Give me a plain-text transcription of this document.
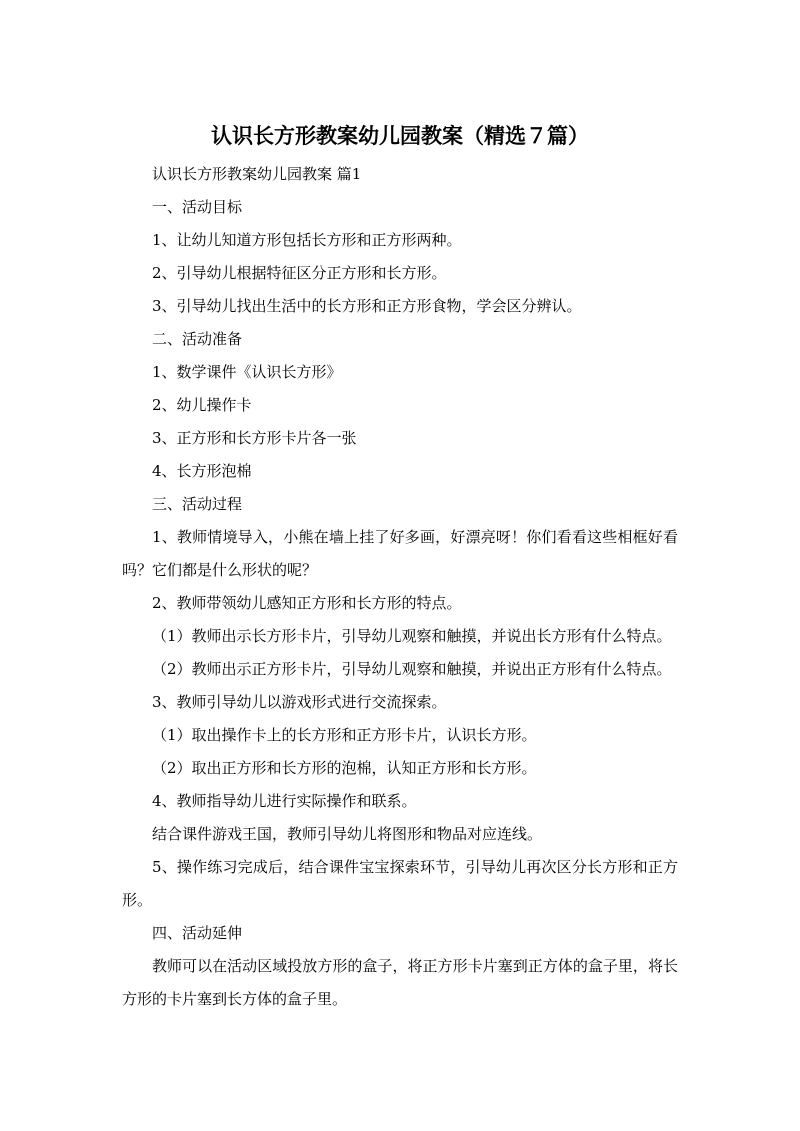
认识长方形教案幼儿园教案（精选７篇）

认识长方形教案幼儿园教案 篇1

一、活动目标

1、让幼儿知道方形包括长方形和正方形两种。

2、引导幼儿根据特征区分正方形和长方形。

3、引导幼儿找出生活中的长方形和正方形食物，学会区分辨认。

二、活动准备

1、数学课件《认识长方形》

2、幼儿操作卡

3、正方形和长方形卡片各一张

4、长方形泡棉

三、活动过程

1、教师情境导入，小熊在墙上挂了好多画，好漂亮呀！你们看看这些相框好看吗？它们都是什么形状的呢？

2、教师带领幼儿感知正方形和长方形的特点。

（1）教师出示长方形卡片，引导幼儿观察和触摸，并说出长方形有什么特点。

（2）教师出示正方形卡片，引导幼儿观察和触摸，并说出正方形有什么特点。

3、教师引导幼儿以游戏形式进行交流探索。

（1）取出操作卡上的长方形和正方形卡片，认识长方形。

（2）取出正方形和长方形的泡棉，认知正方形和长方形。

4、教师指导幼儿进行实际操作和联系。

结合课件游戏王国，教师引导幼儿将图形和物品对应连线。

5、操作练习完成后，结合课件宝宝探索环节，引导幼儿再次区分长方形和正方形。

四、活动延伸

教师可以在活动区域投放方形的盒子，将正方形卡片塞到正方体的盒子里，将长方形的卡片塞到长方体的盒子里。
